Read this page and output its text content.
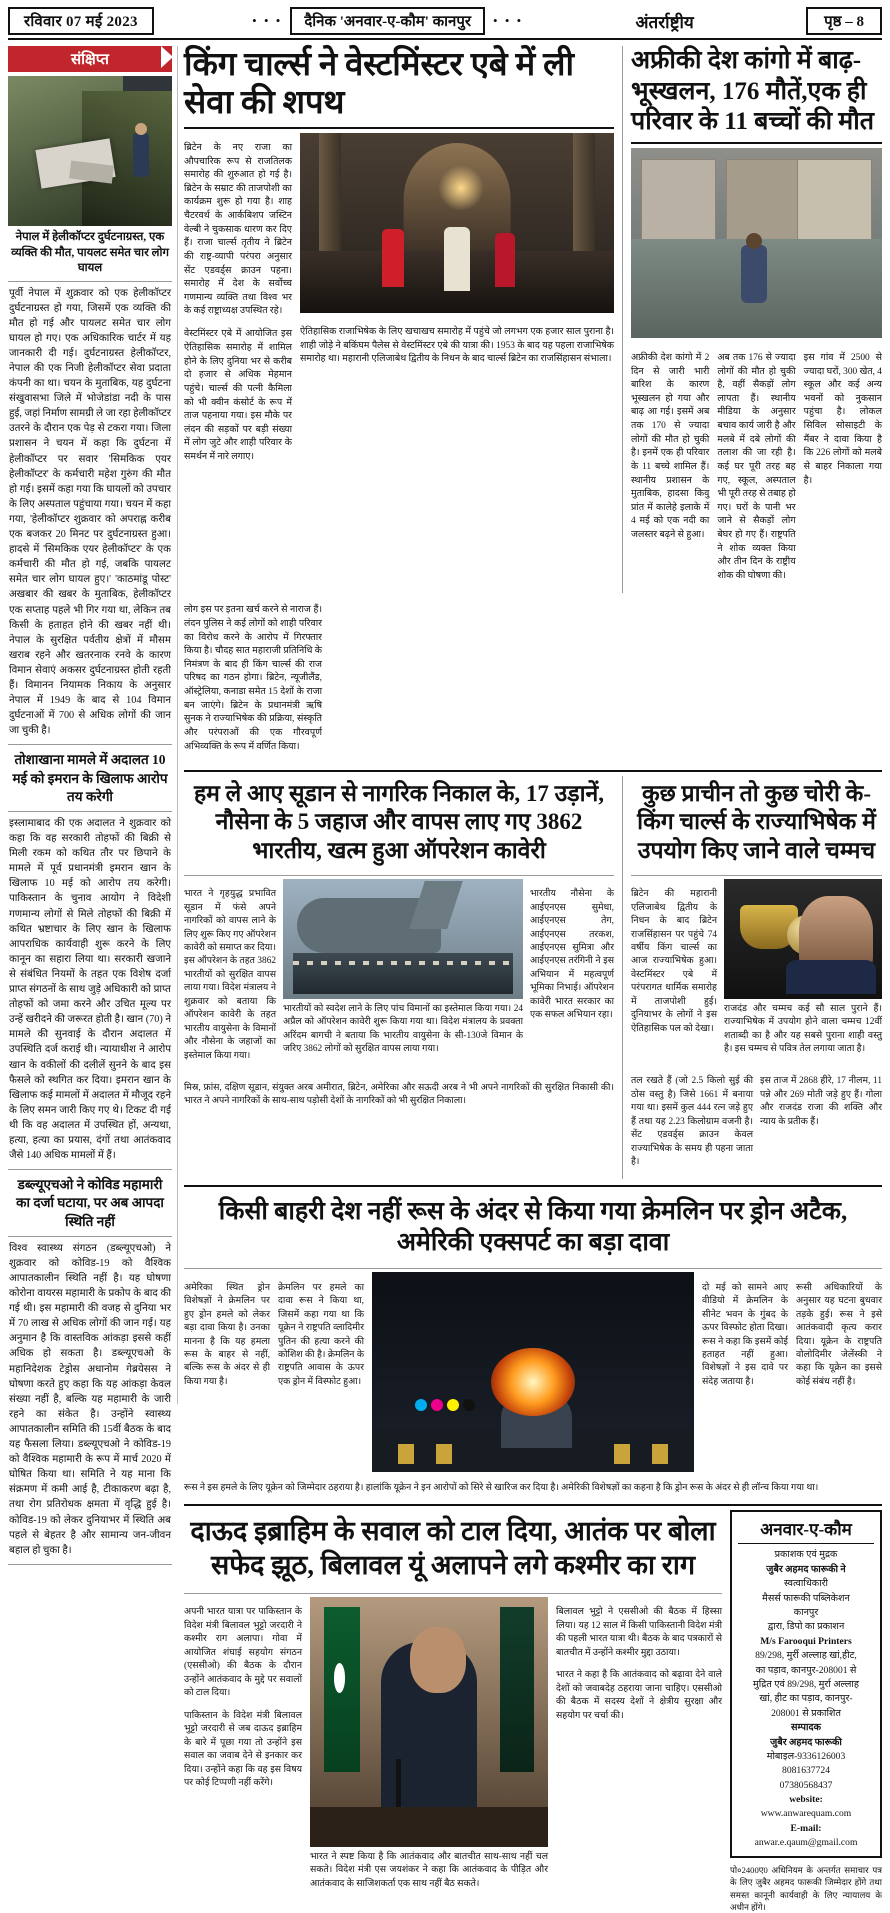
रविवार 07 मई 2023	• • •	दैनिक 'अनवार-ए-कौम' कानपुर	• • •	अंतर्राष्ट्रीय	पृष्ठ – 8
संक्षिप्त
नेपाल में हेलीकॉप्टर दुर्घटनाग्रस्त, एक व्यक्ति की मौत, पायलट समेत चार लोग घायल
पूर्वी नेपाल में शुक्रवार को एक हेलीकॉप्टर दुर्घटनाग्रस्त हो गया, जिसमें एक व्यक्ति की मौत हो गई और पायलट समेत चार लोग घायल हो गए। एक अधिकारिक चार्टर में यह जानकारी दी गई। दुर्घटनाग्रस्त हेलीकॉप्टर, नेपाल की एक निजी हेलीकॉप्टर सेवा प्रदाता कंपनी का था। चयन के मुताबिक, यह दुर्घटना संखुवासभा जिले में भोजेडांडा नदी के पास हुई, जहां निर्माण सामग्री ले जा रहा हेलीकॉप्टर उतरने के दौरान एक पेड़ से टकरा गया। जिला प्रशासन ने चयन में कहा कि दुर्घटना में हेलीकॉप्टर पर सवार 'सिमकिक एयर हेलीकॉप्टर' के कर्मचारी महेश गुरुंग की मौत हो गई। इसमें कहा गया कि घायलों को उपचार के लिए अस्पताल पहुंचाया गया। चयन में कहा गया, 'हेलीकॉप्टर शुक्रवार को अपराह्न करीब एक बजकर 20 मिनट पर दुर्घटनाग्रस्त हुआ। हादसे में 'सिमकिक एयर हेलीकॉप्टर' के एक कर्मचारी की मौत हो गई, जबकि पायलट समेत चार लोग घायल हुए।' 'काठमांडू पोस्ट' अखबार की खबर के मुताबिक, हेलीकॉप्टर एक सप्ताह पहले भी गिर गया था, लेकिन तब किसी के हताहत होने की खबर नहीं थी। नेपाल के सुरक्षित पर्वतीय क्षेत्रों में मौसम खराब रहने और खतरनाक रनवे के कारण विमान सेवाएं अकसर दुर्घटनाग्रस्त होती रहती हैं। विमानन नियामक निकाय के अनुसार नेपाल में 1949 के बाद से 104 विमान दुर्घटनाओं में 700 से अधिक लोगों की जान जा चुकी है।
तोशाखाना मामले में अदालत 10 मई को इमरान के खिलाफ आरोप तय करेगी
इस्लामाबाद की एक अदालत ने शुक्रवार को कहा कि वह सरकारी तोहफों की बिक्री से मिली रकम को कथित तौर पर छिपाने के मामले में पूर्व प्रधानमंत्री इमरान खान के खिलाफ 10 मई को आरोप तय करेगी। पाकिस्तान के चुनाव आयोग ने विदेशी गणमान्य लोगों से मिले तोहफों की बिक्री में कथित भ्रष्टाचार के लिए खान के खिलाफ आपराधिक कार्यवाही शुरू करने के लिए कानून का सहारा लिया था। सरकारी खजाने से संबंधित नियमों के तहत एक विशेष दर्जा प्राप्त संगठनों के साथ जुड़े अधिकारी को प्राप्त तोहफों को जमा करने और उचित मूल्य पर उन्हें खरीदने की जरूरत होती है। खान (70) ने मामले की सुनवाई के दौरान अदालत में उपस्थिति दर्ज कराई थी। न्यायाधीश ने आरोप खान के वकीलों की दलीलें सुनने के बाद इस फैसले को स्थगित कर दिया। इमरान खान के खिलाफ कई मामलों में अदालत में मौजूद रहने के लिए समन जारी किए गए थे। टिकट दी गई थी कि वह अदालत में उपस्थित हों, अन्यथा, हत्या, हत्या का प्रयास, दंगों तथा आतंकवाद जैसे 140 अधिक मामलों में हैं।
डब्ल्यूएचओ ने कोविड महामारी का दर्जा घटाया, पर अब आपदा स्थिति नहीं
विश्व स्वास्थ्य संगठन (डब्ल्यूएचओ) ने शुक्रवार को कोविड-19 को वैश्विक आपातकालीन स्थिति नहीं है। यह घोषणा कोरोना वायरस महामारी के प्रकोप के बाद की गई थी। इस महामारी की वजह से दुनिया भर में 70 लाख से अधिक लोगों की जान गई। यह अनुमान है कि वास्तविक आंकड़ा इससे कहीं अधिक हो सकता है। डब्ल्यूएचओ के महानिदेशक टेड्रोस अधानोम गेब्रयेसस ने घोषणा करते हुए कहा कि यह आंकड़ा केवल संख्या नहीं है, बल्कि यह महामारी के जारी रहने का संकेत है। उन्होंने स्वास्थ्य आपातकालीन समिति की 15वीं बैठक के बाद यह फैसला लिया। डब्ल्यूएचओ ने कोविड-19 को वैश्विक महामारी के रूप में मार्च 2020 में घोषित किया था। समिति ने यह माना कि संक्रमण में कमी आई है, टीकाकरण बढ़ा है, तथा रोग प्रतिरोधक क्षमता में वृद्धि हुई है। कोविड-19 को लेकर दुनियाभर में स्थिति अब पहले से बेहतर है और सामान्य जन-जीवन बहाल हो चुका है।
किंग चार्ल्स ने वेस्टमिंस्टर एबे में ली सेवा की शपथ

ब्रिटेन के नए राजा का औपचारिक रूप से राजतिलक समारोह की शुरुआत हो गई है। ब्रिटेन के सम्राट की ताजपोशी का कार्यक्रम शुरू हो गया है। शाह चैटरवर्थ के आर्कबिशप जस्टिन वेल्बी ने चुकसाक धारण कर दिए हैं। राजा चार्ल्स तृतीय ने ब्रिटेन की राष्ट्र-व्यापी परंपरा अनुसार सेंट एडवर्ड्स क्राउन पहना। समारोह में देश के सर्वोच्च गणमान्य व्यक्ति तथा विश्व भर के कई राष्ट्राध्यक्ष उपस्थित रहे।

वेस्टमिंस्टर एबे में आयोजित इस ऐतिहासिक समारोह में शामिल होने के लिए दुनिया भर से करीब दो हजार से अधिक मेहमान पहुंचे। चार्ल्स की पत्नी कैमिला को भी क्वीन कंसोर्ट के रूप में ताज पहनाया गया। इस मौके पर लंदन की सड़कों पर बड़ी संख्या में लोग जुटे और शाही परिवार के समर्थन में नारे लगाए।

ऐतिहासिक राजाभिषेक के लिए खचाखच समारोह में पहुंचे जो लगभग एक हजार साल पुराना है। शाही जोड़े ने बकिंघम पैलेस से वेस्टमिंस्टर एबे की यात्रा की। 1953 के बाद यह पहला राजाभिषेक समारोह था। महारानी एलिजाबेथ द्वितीय के निधन के बाद चार्ल्स ब्रिटेन का राजसिंहासन संभाला।

अफ्रीकी देश कांगो में बाढ़-भूस्खलन, 176 मौतें,एक ही परिवार के 11 बच्चों की मौत

अफ्रीकी देश कांगो में 2 दिन से जारी भारी बारिश के कारण भूस्खलन हो गया और बाढ़ आ गई। इसमें अब तक 170 से ज्यादा लोगों की मौत हो चुकी है। इनमें एक ही परिवार के 11 बच्चे शामिल हैं। स्थानीय प्रशासन के मुताबिक, हादसा किवु प्रांत में कालेहे इलाके में 4 मई को एक नदी का जलस्तर बढ़ने से हुआ।

अब तक 176 से ज्यादा लोगों की मौत हो चुकी है, वहीं सैकड़ों लोग लापता हैं। स्थानीय मीडिया के अनुसार बचाव कार्य जारी है और मलबे में दबे लोगों की तलाश की जा रही है। कई घर पूरी तरह बह गए, स्कूल, अस्पताल भी पूरी तरह से तबाह हो गए। घरों के पानी भर जाने से सैकड़ों लोग बेघर हो गए हैं। राष्ट्रपति ने शोक व्यक्त किया और तीन दिन के राष्ट्रीय शोक की घोषणा की।

इस गांव में 2500 से ज्यादा घरों, 300 खेत, 4 स्कूल और कई अन्य भवनों को नुकसान पहुंचा है। लोकल सिविल सोसाइटी के मैंबर ने दावा किया है कि 226 लोगों को मलबे से बाहर निकाला गया है।

लोग इस पर इतना खर्च करने से नाराज हैं। लंदन पुलिस ने कई लोगों को शाही परिवार का विरोध करने के आरोप में गिरफ्तार किया है। चौदह सात महाराजी प्रतिनिधि के निमंत्रण के बाद ही किंग चार्ल्स की राज परिषद का गठन होगा। ब्रिटेन, न्यूजीलैंड, ऑस्ट्रेलिया, कनाडा समेत 15 देशों के राजा बन जाएंगे। ब्रिटेन के प्रधानमंत्री ऋषि सुनक ने राज्याभिषेक की प्रक्रिया, संस्कृति और परंपराओं की एक गौरवपूर्ण अभिव्यक्ति के रूप में वर्णित किया।

हम ले आए सूडान से नागरिक निकाल के, 17 उड़ानें, नौसेना के 5 जहाज और वापस लाए गए 3862 भारतीय, खत्म हुआ ऑपरेशन कावेरी

भारत ने गृहयुद्ध प्रभावित सूडान में फंसे अपने नागरिकों को वापस लाने के लिए शुरू किए गए ऑपरेशन कावेरी को समाप्त कर दिया। इस ऑपरेशन के तहत 3862 भारतीयों को सुरक्षित वापस लाया गया। विदेश मंत्रालय ने शुक्रवार को बताया कि ऑपरेशन कावेरी के तहत भारतीय वायुसेना के विमानों और नौसेना के जहाजों का इस्तेमाल किया गया।

भारतीयों को स्वदेश लाने के लिए पांच विमानों का इस्तेमाल किया गया। 24 अप्रैल को ऑपरेशन कावेरी शुरू किया गया था। विदेश मंत्रालय के प्रवक्ता अरिंदम बागची ने बताया कि भारतीय वायुसेना के सी-130जे विमान के जरिए 3862 लोगों को सुरक्षित वापस लाया गया।

भारतीय नौसेना के आईएनएस सुमेधा, आईएनएस तेग, आईएनएस तरकश, आईएनएस सुमित्रा और आईएनएस तरंगिनी ने इस अभियान में महत्वपूर्ण भूमिका निभाई। ऑपरेशन कावेरी भारत सरकार का एक सफल अभियान रहा।

मिस्र, फ्रांस, दक्षिण सूडान, संयुक्त अरब अमीरात, ब्रिटेन, अमेरिका और सऊदी अरब ने भी अपने नागरिकों की सुरक्षित निकासी की। भारत ने अपने नागरिकों के साथ-साथ पड़ोसी देशों के नागरिकों को भी सुरक्षित निकाला।

कुछ प्राचीन तो कुछ चोरी के- किंग चार्ल्स के राज्याभिषेक में उपयोग किए जाने वाले चम्मच

ब्रिटेन की महारानी एलिजाबेथ द्वितीय के निधन के बाद ब्रिटेन राजसिंहासन पर पहुंचे 74 वर्षीय किंग चार्ल्स का आज राज्याभिषेक हुआ। वेस्टमिंस्टर एबे में परंपरागत धार्मिक समारोह में ताजपोशी हुई। दुनियाभर के लोगों ने इस ऐतिहासिक पल को देखा।

राजदंड और चम्मच कई सौ साल पुराने हैं। राज्याभिषेक में उपयोग होने वाला चम्मच 12वीं शताब्दी का है और यह सबसे पुराना शाही वस्तु है। इस चम्मच से पवित्र तेल लगाया जाता है।

तल रखते हैं (जो 2.5 किलो सुई की ठोस वस्तु है) जिसे 1661 में बनाया गया था। इसमें कुल 444 रत्न जड़े हुए हैं तथा यह 2.23 किलोग्राम वजनी है। सेंट एडवर्ड्स क्राउन केवल राज्याभिषेक के समय ही पहना जाता है।

इस ताज में 2868 हीरे, 17 नीलम, 11 पन्ने और 269 मोती जड़े हुए हैं। गोला और राजदंड राजा की शक्ति और न्याय के प्रतीक हैं।

किसी बाहरी देश नहीं रूस के अंदर से किया गया क्रेमलिन पर ड्रोन अटैक, अमेरिकी एक्सपर्ट का बड़ा दावा

अमेरिका स्थित ड्रोन विशेषज्ञों ने क्रेमलिन पर हुए ड्रोन हमले को लेकर बड़ा दावा किया है। उनका मानना है कि यह हमला रूस के बाहर से नहीं, बल्कि रूस के अंदर से ही किया गया है।

क्रेमलिन पर हमले का दावा रूस ने किया था, जिसमें कहा गया था कि यूक्रेन ने राष्ट्रपति व्लादिमीर पुतिन की हत्या करने की कोशिश की है। क्रेमलिन के राष्ट्रपति आवास के ऊपर एक ड्रोन में विस्फोट हुआ।

दो मई को सामने आए वीडियो में क्रेमलिन के सीनेट भवन के गुंबद के ऊपर विस्फोट होता दिखा। रूस ने कहा कि इसमें कोई हताहत नहीं हुआ। विशेषज्ञों ने इस दावे पर संदेह जताया है।

रूसी अधिकारियों के अनुसार यह घटना बुधवार तड़के हुई। रूस ने इसे आतंकवादी कृत्य करार दिया। यूक्रेन के राष्ट्रपति वोलोदिमीर जेलेंस्की ने कहा कि यूक्रेन का इससे कोई संबंध नहीं है।

रूस ने इस हमले के लिए यूक्रेन को जिम्मेदार ठहराया है। हालांकि यूक्रेन ने इन आरोपों को सिरे से खारिज कर दिया है। अमेरिकी विशेषज्ञों का कहना है कि ड्रोन रूस के अंदर से ही लॉन्च किया गया था।

दाऊद इब्राहिम के सवाल को टाल दिया, आतंक पर बोला सफेद झूठ, बिलावल यूं अलापने लगे कश्मीर का राग

अपनी भारत यात्रा पर पाकिस्तान के विदेश मंत्री बिलावल भुट्टो जरदारी ने कश्मीर राग अलापा। गोवा में आयोजित शंघाई सहयोग संगठन (एससीओ) की बैठक के दौरान उन्होंने आतंकवाद के मुद्दे पर सवालों को टाल दिया।

पाकिस्तान के विदेश मंत्री बिलावल भुट्टो जरदारी से जब दाऊद इब्राहिम के बारे में पूछा गया तो उन्होंने इस सवाल का जवाब देने से इनकार कर दिया। उन्होंने कहा कि वह इस विषय पर कोई टिप्पणी नहीं करेंगे।

भारत ने स्पष्ट किया है कि आतंकवाद और बातचीत साथ-साथ नहीं चल सकते। विदेश मंत्री एस जयशंकर ने कहा कि आतंकवाद के पीड़ित और आतंकवाद के साजिशकर्ता एक साथ नहीं बैठ सकते।

बिलावल भुट्टो ने एससीओ की बैठक में हिस्सा लिया। यह 12 साल में किसी पाकिस्तानी विदेश मंत्री की पहली भारत यात्रा थी। बैठक के बाद पत्रकारों से बातचीत में उन्होंने कश्मीर मुद्दा उठाया।

भारत ने कहा है कि आतंकवाद को बढ़ावा देने वाले देशों को जवाबदेह ठहराया जाना चाहिए। एससीओ की बैठक में सदस्य देशों ने क्षेत्रीय सुरक्षा और सहयोग पर चर्चा की।

अनवार-ए-कौम
प्रकाशक एवं मुद्रक
जुबैर अहमद फारूकी ने
स्वत्वाधिकारी
मैसर्स फारूकी पब्लिकेशन
कानपुर
द्वारा, डिपो का प्रकाशन
M/s Farooqui Printers
89/298, मुर्री अल्लाह खां,हीट,
का पड़ाव, कानपुर-208001 से
मुद्रित एवं 89/298, मुर्रा अल्लाह
खां, हीट का पड़ाव, कानपुर-
208001 से प्रकाशित
सम्पादक
जुबैर अहमद फारूकी
मोबाइल-9336126003
8081637724
07380568437
website:
www.anwarequam.com
E-mail:
anwar.e.qaum@gmail.com
पो०2400ए0 अधिनियम के अन्तर्गत समाचार पत्र के लिए जुबैर अहमद फारूकी जिम्मेदार होंगे तथा समस्त कानूनी कार्यवाही के लिए न्यायालय के अधीन होंगे।
